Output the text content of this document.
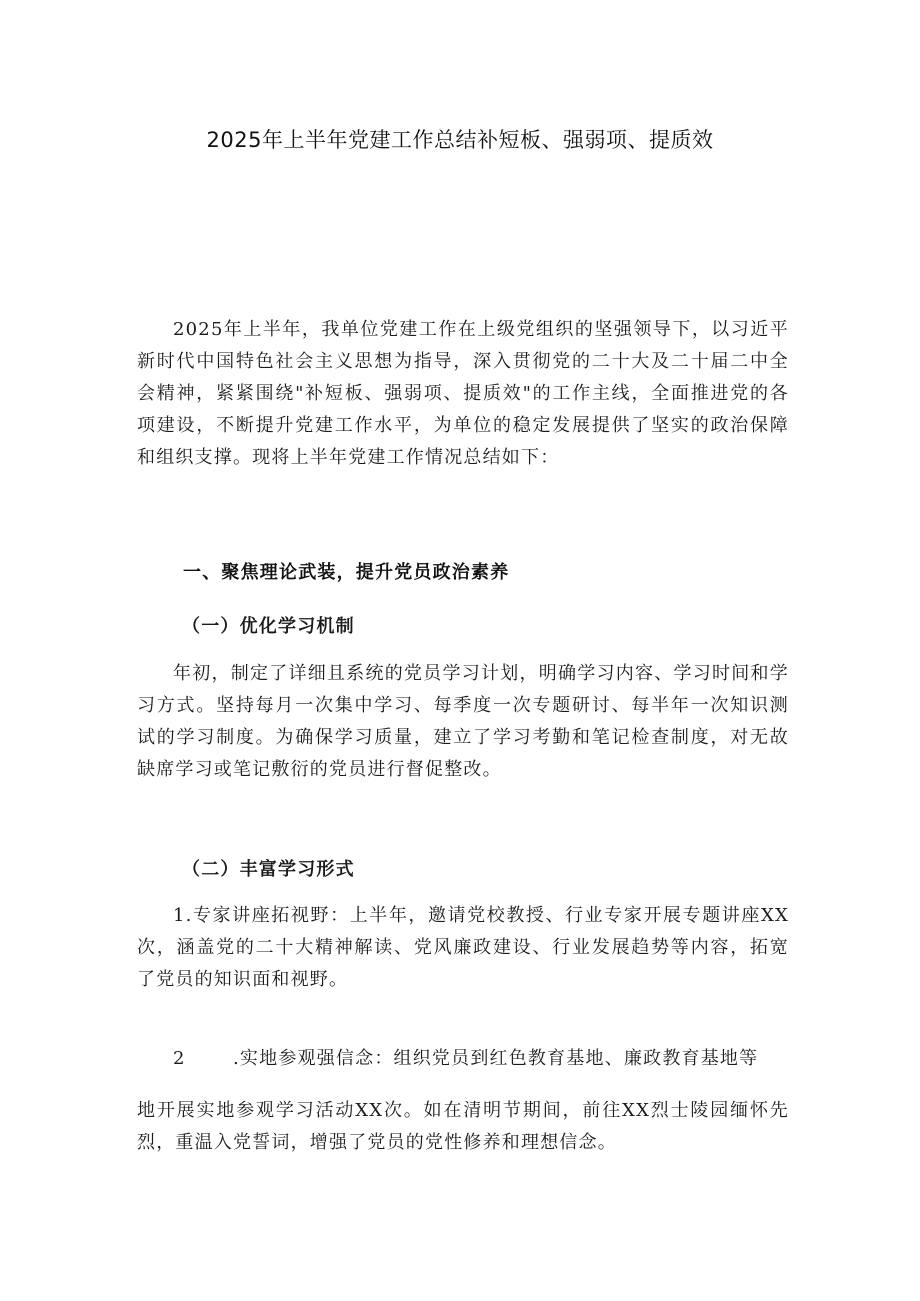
2025年上半年党建工作总结补短板、强弱项、提质效

2025年上半年，我单位党建工作在上级党组织的坚强领导下，以习近平新时代中国特色社会主义思想为指导，深入贯彻党的二十大及二十届二中全会精神，紧紧围绕"补短板、强弱项、提质效"的工作主线，全面推进党的各项建设，不断提升党建工作水平，为单位的稳定发展提供了坚实的政治保障和组织支撑。现将上半年党建工作情况总结如下：

一、聚焦理论武装，提升党员政治素养
（一）优化学习机制

年初，制定了详细且系统的党员学习计划，明确学习内容、学习时间和学习方式。坚持每月一次集中学习、每季度一次专题研讨、每半年一次知识测试的学习制度。为确保学习质量，建立了学习考勤和笔记检查制度，对无故缺席学习或笔记敷衍的党员进行督促整改。

（二）丰富学习形式

1.专家讲座拓视野：上半年，邀请党校教授、行业专家开展专题讲座XX次，涵盖党的二十大精神解读、党风廉政建设、行业发展趋势等内容，拓宽了党员的知识面和视野。

2	.实地参观强信念：组织党员到红色教育基地、廉政教育基地等
地开展实地参观学习活动XX次。如在清明节期间，前往XX烈士陵园缅怀先烈，重温入党誓词，增强了党员的党性修养和理想信念。
